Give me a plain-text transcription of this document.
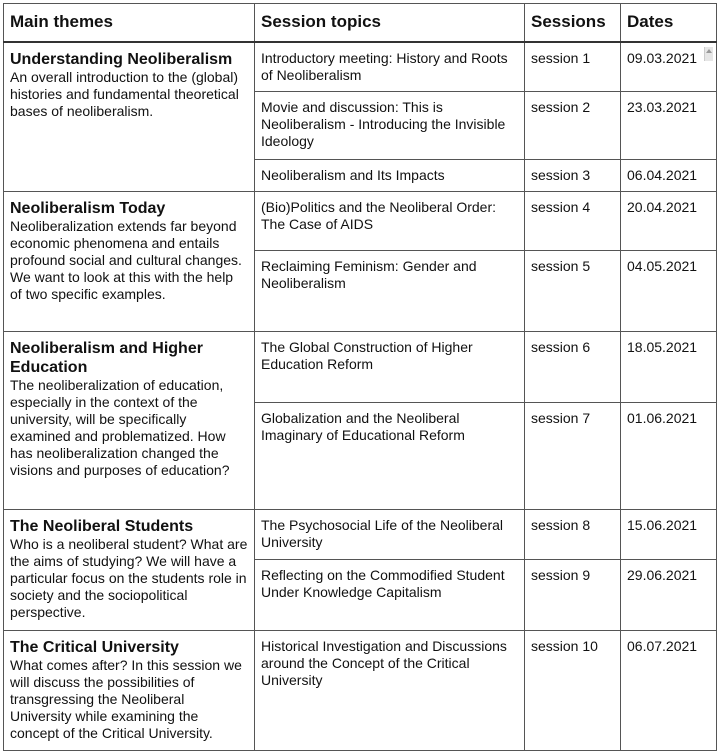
Main themes	Session topics	Sessions	Dates

Understanding Neoliberalism
An overall introduction to the (global) histories and fundamental theoretical bases of neoliberalism.	Introductory meeting: History and Roots of Neoliberalism	session 1	09.03.2021

	Movie and discussion: This is Neoliberalism - Introducing the Invisible Ideology	session 2	23.03.2021
	Neoliberalism and Its Impacts	session 3	06.04.2021

Neoliberalism Today
Neoliberalization extends far beyond economic phenomena and entails profound social and cultural changes. We want to look at this with the help of two specific examples.	(Bio)Politics and the Neoliberal Order: The Case of AIDS	session 4	20.04.2021
	Reclaiming Feminism: Gender and Neoliberalism	session 5	04.05.2021

Neoliberalism and Higher Education
The neoliberalization of education, especially in the context of the university, will be specifically examined and problematized. How has neoliberalization changed the visions and purposes of education?	The Global Construction of Higher Education Reform	session 6	18.05.2021
	Globalization and the Neoliberal Imaginary of Educational Reform	session 7	01.06.2021

The Neoliberal Students
Who is a neoliberal student? What are the aims of studying? We will have a particular focus on the students role in society and the sociopolitical perspective.	The Psychosocial Life of the Neoliberal University	session 8	15.06.2021
	Reflecting on the Commodified Student Under Knowledge Capitalism	session 9	29.06.2021

The Critical University
What comes after? In this session we will discuss the possibilities of transgressing the Neoliberal University while examining the concept of the Critical University.	Historical Investigation and Discussions around the Concept of the Critical University	session 10	06.07.2021
